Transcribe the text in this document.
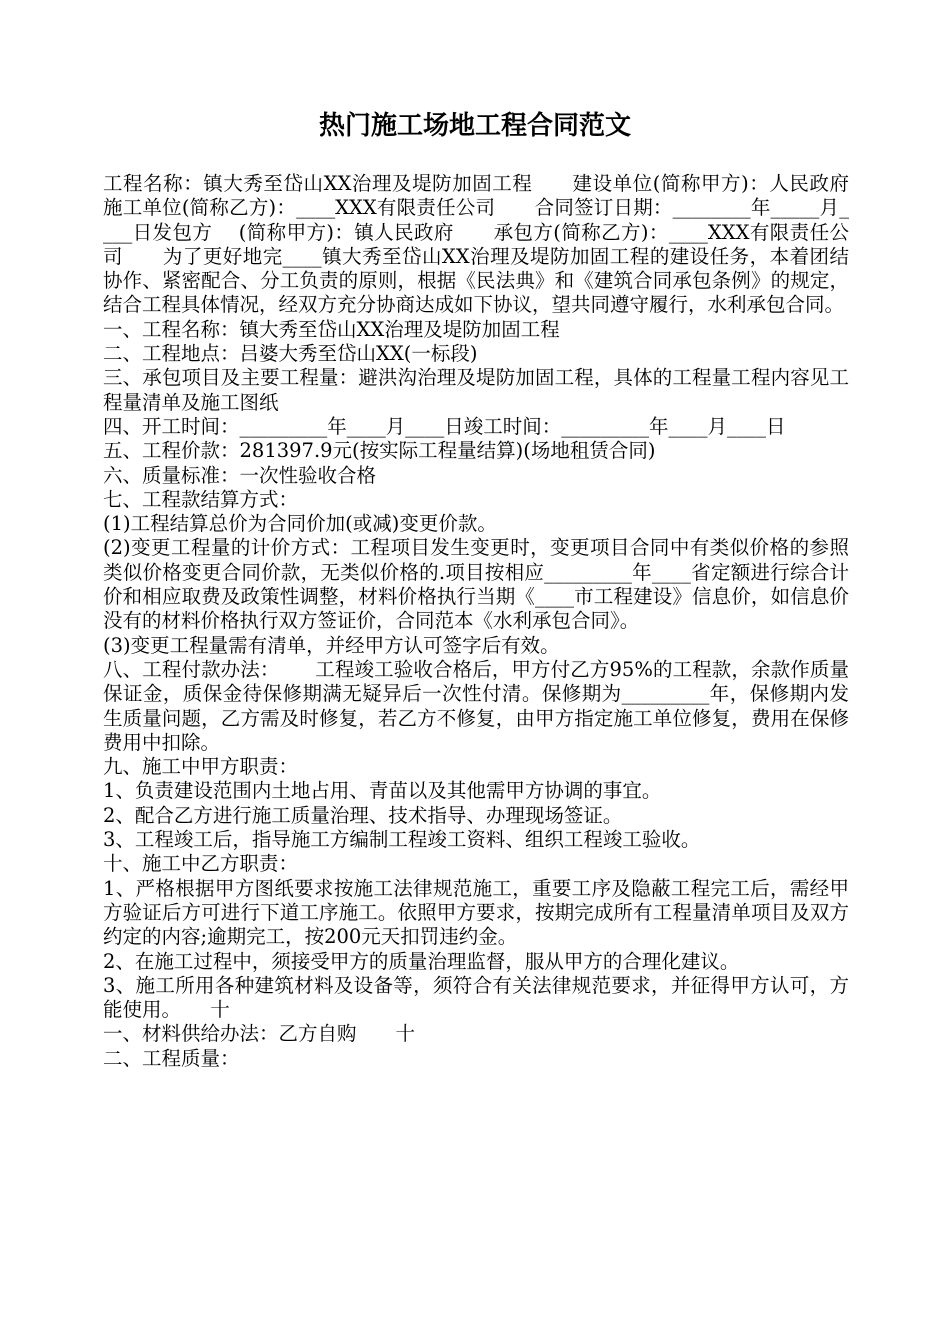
热门施工场地工程合同范文

工程名称：镇大秀至岱山XX治理及堤防加固工程　　建设单位(简称甲方)：人民政府　　施工单位(简称乙方)：____XXX有限责任公司　　合同签订日期：________年_____月____日发包方　 (简称甲方)：镇人民政府　　承包方(简称乙方)：____XXX有限责任公司　　为了更好地完____镇大秀至岱山XX治理及堤防加固工程的建设任务，本着团结协作、紧密配合、分工负责的原则，根据《民法典》和《建筑合同承包条例》的规定，结合工程具体情况，经双方充分协商达成如下协议，望共同遵守履行，水利承包合同。

一、工程名称：镇大秀至岱山XX治理及堤防加固工程

二、工程地点：吕婆大秀至岱山XX(一标段)

三、承包项目及主要工程量：避洪沟治理及堤防加固工程，具体的工程量工程内容见工程量清单及施工图纸

四、开工时间：_________年____月____日竣工时间：_________年____月____日

五、工程价款：281397.9元(按实际工程量结算)(场地租赁合同)

六、质量标准：一次性验收合格

七、工程款结算方式：

(1)工程结算总价为合同价加(或减)变更价款。

(2)变更工程量的计价方式：工程项目发生变更时，变更项目合同中有类似价格的参照类似价格变更合同价款，无类似价格的.项目按相应_________年____省定额进行综合计价和相应取费及政策性调整，材料价格执行当期《____市工程建设》信息价，如信息价没有的材料价格执行双方签证价，合同范本《水利承包合同》。

(3)变更工程量需有清单，并经甲方认可签字后有效。

八、工程付款办法：　　 工程竣工验收合格后，甲方付乙方95%的工程款，余款作质量保证金，质保金待保修期满无疑异后一次性付清。保修期为_________年，保修期内发生质量问题，乙方需及时修复，若乙方不修复，由甲方指定施工单位修复，费用在保修费用中扣除。

九、施工中甲方职责：

1、负责建设范围内土地占用、青苗以及其他需甲方协调的事宜。

2、配合乙方进行施工质量治理、技术指导、办理现场签证。

3、工程竣工后，指导施工方编制工程竣工资料、组织工程竣工验收。

十、施工中乙方职责：

1、严格根据甲方图纸要求按施工法律规范施工，重要工序及隐蔽工程完工后，需经甲方验证后方可进行下道工序施工。依照甲方要求，按期完成所有工程量清单项目及双方约定的内容;逾期完工，按200元天扣罚违约金。

2、在施工过程中，须接受甲方的质量治理监督，服从甲方的合理化建议。

3、施工所用各种建筑材料及设备等，须符合有关法律规范要求，并征得甲方认可，方能使用。　　十

一、材料供给办法：乙方自购　　十

二、工程质量：
